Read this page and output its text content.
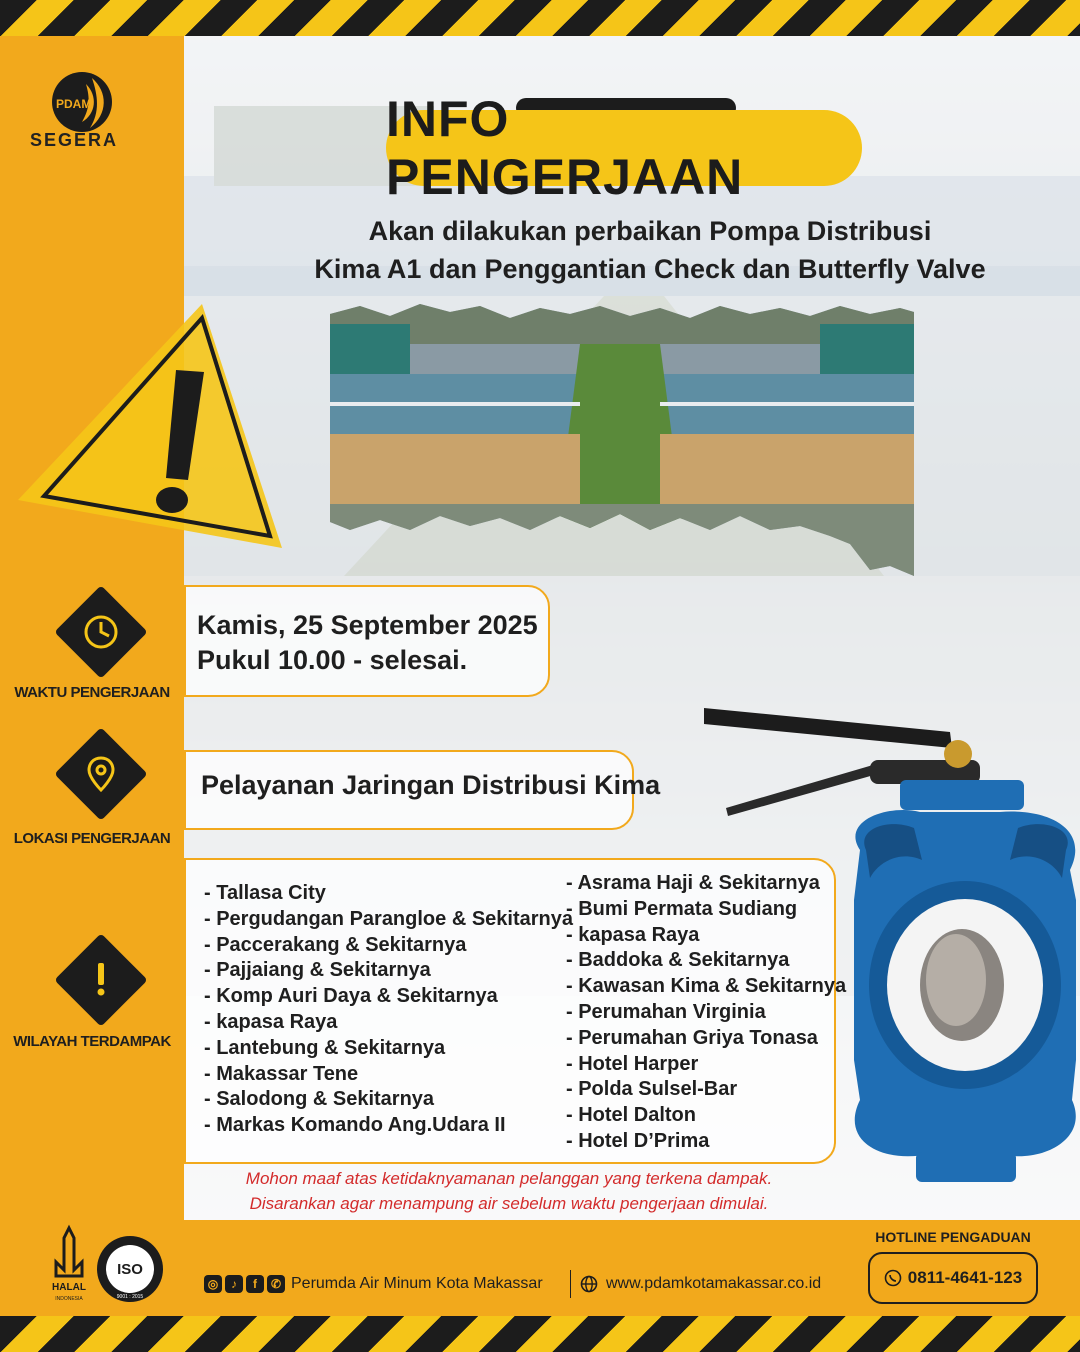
PDAM
SEGERA	INFO PENGERJAAN
Akan dilakukan perbaikan Pompa Distribusi
Kima A1 dan Penggantian Check dan Butterfly Valve
WAKTU PENGERJAAN
Kamis, 25 September 2025
Pukul 10.00 - selesai.
LOKASI PENGERJAAN
Pelayanan Jaringan Distribusi Kima
WILAYAH TERDAMPAK
- Tallasa City
- Pergudangan Parangloe & Sekitarnya
- Paccerakang & Sekitarnya
- Pajjaiang & Sekitarnya
- Komp Auri Daya & Sekitarnya
- kapasa Raya
- Lantebung & Sekitarnya
- Makassar Tene
- Salodong & Sekitarnya
- Markas Komando Ang.Udara II
- Asrama Haji & Sekitarnya
- Bumi Permata Sudiang
- kapasa Raya
- Baddoka & Sekitarnya
- Kawasan Kima & Sekitarnya
- Perumahan Virginia
- Perumahan Griya Tonasa
- Hotel Harper
- Polda Sulsel-Bar
- Hotel Dalton
- Hotel D’Prima
Mohon maaf atas ketidaknyamanan pelanggan yang terkena dampak.
Disarankan agar menampung air sebelum waktu pengerjaan dimulai.
HALAL
INDONESIA
ISO
9001 : 2015
◎	♪	f	✆ Perumda Air Minum Kota Makassar	www.pdamkotamakassar.co.id
HOTLINE PENGADUAN
0811-4641-123
